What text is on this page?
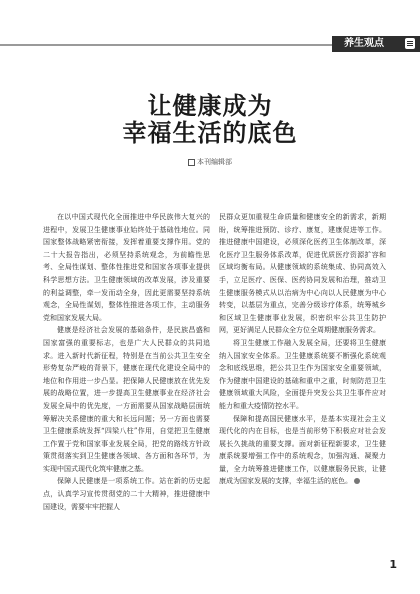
养生观点
让健康成为
幸福生活的底色
本刊编辑部

在以中国式现代化全面推进中华民族伟大复兴的进程中，发展卫生健康事业始终处于基础性地位。同国家整体战略紧密衔接，发挥着重要支撑作用。党的二十大报告指出，必须坚持系统观念，为前瞻性思考、全局性谋划、整体性推进党和国家各项事业提供科学思想方法。卫生健康领域的改革发展，涉及重要的利益调整，牵一发而动全身，因此更需要坚持系统观念，全局性谋划，整体性推进各项工作，主动服务党和国家发展大局。

健康是经济社会发展的基础条件，是民族昌盛和国家富强的重要标志，也是广大人民群众的共同追求。进入新时代新征程，特别是在当前公共卫生安全形势复杂严峻的背景下，健康在现代化建设全局中的地位和作用进一步凸显。把保障人民健康放在优先发展的战略位置，进一步提高卫生健康事业在经济社会发展全局中的优先度，一方面需要从国家战略层面统筹解决关系健康的重大和长远问题；另一方面也需要卫生健康系统发挥“四梁八柱”作用，自觉把卫生健康工作置于党和国家事业发展全局，把党的路线方针政策贯彻落实到卫生健康各领域、各方面和各环节，为实现中国式现代化筑牢健康之基。

保障人民健康是一项系统工作。站在新的历史起点，认真学习宣传贯彻党的二十大精神，推进健康中国建设，需要牢牢把握人

民群众更加重视生命质量和健康安全的新需求，新期盼，统筹推进预防、诊疗、康复，建康促进等工作。推进健康中国建设，必须深化医药卫生体制改革，深化医疗卫生服务体系改革，促进优质医疗资源扩容和区域均衡布局。从健康领域的系统集成、协同高效入手，立足医疗、医保、医药协同发展和治理，推动卫生健康服务模式从以治病为中心向以人民健康为中心转变，以基层为重点，完善分级诊疗体系，统筹城乡和区域卫生健康事业发展，织密织牢公共卫生防护网，更好满足人民群众全方位全周期健康服务需求。

将卫生健康工作融入发展全局，还要将卫生健康纳入国家安全体系。卫生健康系统要不断强化系统观念和底线思维，把公共卫生作为国家安全重要领域，作为健康中国建设的基础和重中之重，时刻防范卫生健康领域重大风险，全面提升突发公共卫生事件应对能力和重大疫情防控水平。

保障和提高国民健康水平，是基本实现社会主义现代化的内在目标，也是当前形势下积极应对社会发展长久挑战的重要支撑。面对新征程新要求，卫生健康系统要增强工作中的系统观念，加强沟通、凝聚力量，全力统筹推进健康工作，以健康服务民族，让健康成为国家发展的支撑，幸福生活的底色。

1
